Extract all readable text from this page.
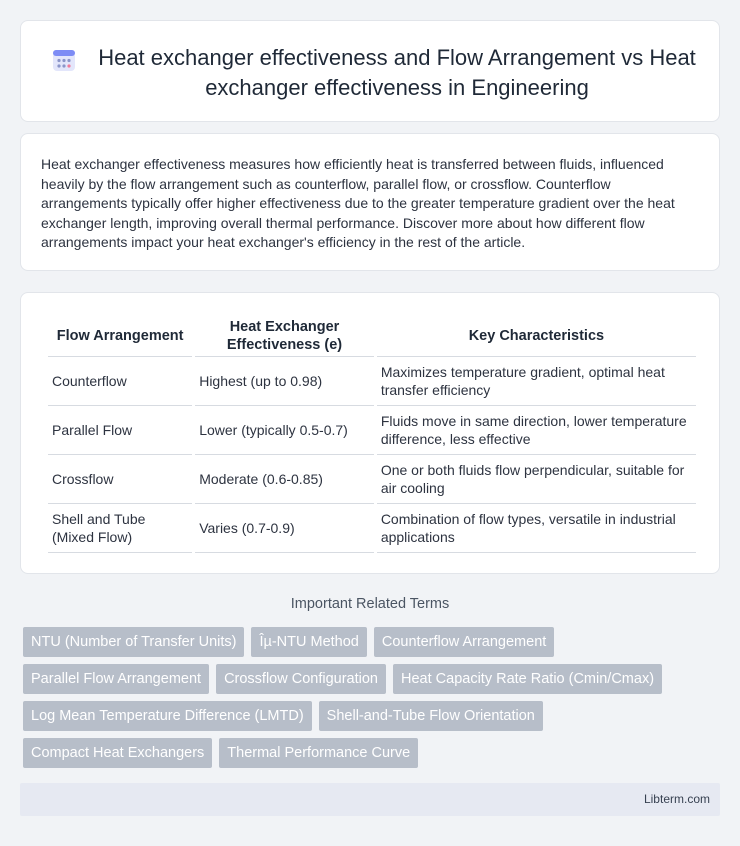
Heat exchanger effectiveness and Flow Arrangement vs Heat exchanger effectiveness in Engineering

Heat exchanger effectiveness measures how efficiently heat is transferred between fluids, influenced heavily by the flow arrangement such as counterflow, parallel flow, or crossflow. Counterflow arrangements typically offer higher effectiveness due to the greater temperature gradient over the heat exchanger length, improving overall thermal performance. Discover more about how different flow arrangements impact your heat exchanger's efficiency in the rest of the article.

Flow Arrangement	Heat Exchanger Effectiveness (e)	Key Characteristics
Counterflow	Highest (up to 0.98)	Maximizes temperature gradient, optimal heat transfer efficiency
Parallel Flow	Lower (typically 0.5-0.7)	Fluids move in same direction, lower temperature difference, less effective
Crossflow	Moderate (0.6-0.85)	One or both fluids flow perpendicular, suitable for air cooling
Shell and Tube (Mixed Flow)	Varies (0.7-0.9)	Combination of flow types, versatile in industrial applications
Important Related Terms
NTU (Number of Transfer Units)	Îµ-NTU Method	Counterflow Arrangement
Parallel Flow Arrangement	Crossflow Configuration	Heat Capacity Rate Ratio (Cmin/Cmax)
Log Mean Temperature Difference (LMTD)	Shell-and-Tube Flow Orientation
Compact Heat Exchangers	Thermal Performance Curve
Libterm.com
